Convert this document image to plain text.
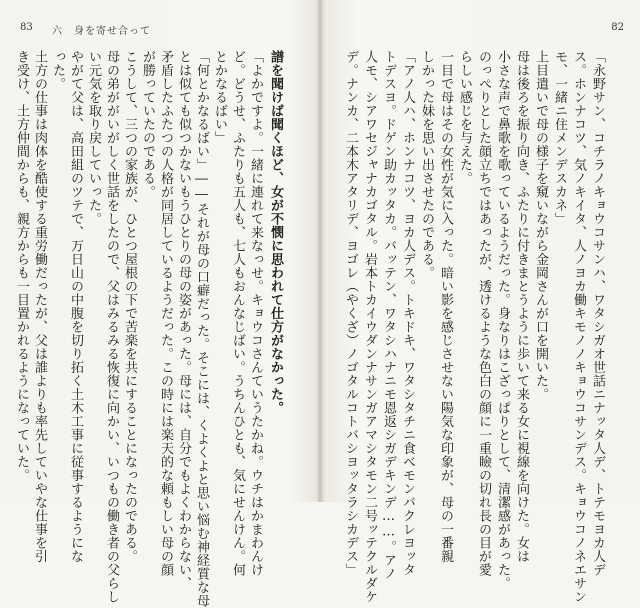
83 六　身を寄せ合って
譜を聞けば聞くほど、女が不憫に思われて仕方がなかった。
「よかですよ。一緒に連れて来なっせ。キョウコさんていうたかね。ウチはかまわんけ
ど。どうせ、ふたりも五人も、七人もおんなじばい。うちんひとも、気にせんけん。何
とかなるばい」
「何とかなるばい」――それが母の口癖だった。そこには、くよくよと思い悩む神経質な母
とは似ても似つかないもうひとりの母の姿があった。母には、自分でもよくわからない、
矛盾したふたつの人格が同居しているようだった。この時には楽天的な頼もしい母の顔
が勝っていたのである。
こうして、三つの家族が、ひとつ屋根の下で苦楽を共にすることになったのである。
母の弟ががいがしく世話をしたので、父はみるみる恢復に向かい、いつもの働き者の父らし
い元気を取り戻していった。
やがて父は、高田組のツテで、万日山の中腹を切り拓く土木工事に従事するようにな
った。
土方の仕事は肉体を酷使する重労働だったが、父は誰よりも率先していやな仕事を引
き受け、土方仲間からも、親方からも一目置かれるようになっていた。
82
「永野サン、コチラノキョウコサンハ、ワタシガオ世話ニナッタ人デ、トテモヨカ人デ
ス。ホンナコツ、気ノキイタ、人ノヨカ働キモノノキョウコサンデス。キョウコノネエサン
モ、一緒ニ住メンデスカネ」
上目遣いで母の様子を窺いながら金岡さんが口を開いた。
母は後ろを振り向き、ふたりに付きまとうように歩いて来る女に視線を向けた。女は
小さな声で鼻歌を歌っているようだった。身なりはこざっぱりとして、清潔感があった。
のっぺりとした顔立ちではあったが、透けるような色白の顔に一重瞼の切れ長の目が愛
らしい感じを与えた。
一目で母はその女性が気に入った。暗い影を感じさせない陽気な印象が、母の一番親
しかった妹を思い出させたのである。
「アノ人ハ、ホンナコツ、ヨカ人デス。トキドキ、ワタシタチニ食べモンバクレヨッタ
トデスヨ。ドゲン助カッタカ。バッテン、ワタシハナニモ恩返シガデキンデ……。アノ
人モ、シアワセジャナカゴタル。岩本トカイウダンナサンガアマシタモン二号ッテクルダケ
デ。ナンカ、二本木アタリデ、ヨゴレ（やくざ）ノゴタルコトバシヨッタラシカデス」
